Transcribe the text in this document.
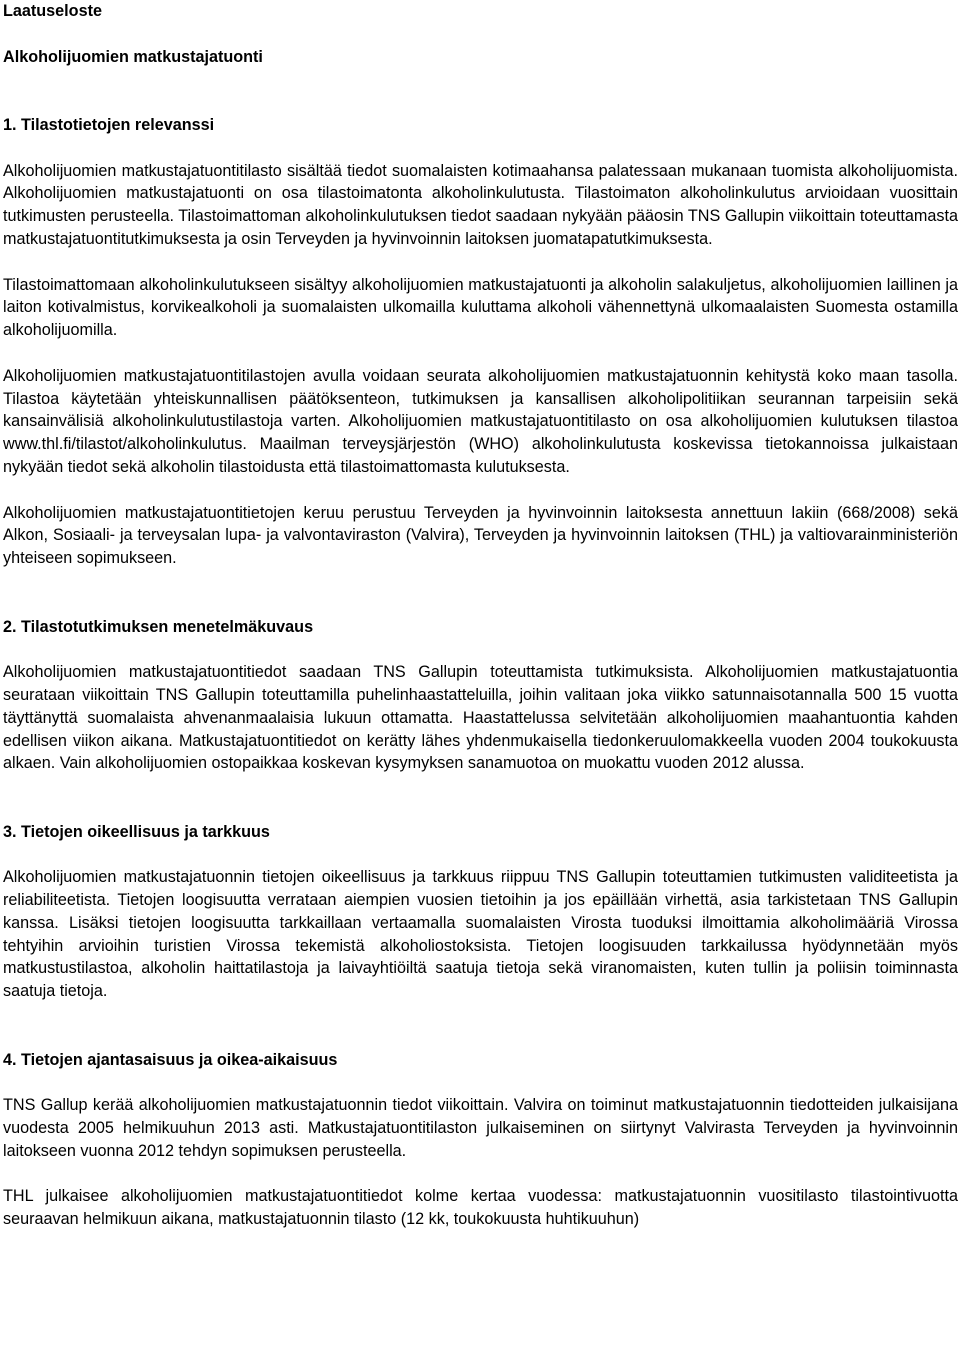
Laatuseloste
Alkoholijuomien matkustajatuonti
1. Tilastotietojen relevanssi

Alkoholijuomien matkustajatuontitilasto sisältää tiedot suomalaisten kotimaahansa palatessaan mukanaan tuomista alkoholijuomista. Alkoholijuomien matkustajatuonti on osa tilastoimatonta alkoholinkulutusta. Tilastoimaton alkoholinkulutus arvioidaan vuosittain tutkimusten perusteella. Tilastoimattoman alkoholinkulutuksen tiedot saadaan nykyään pääosin TNS Gallupin viikoittain toteuttamasta matkustajatuontitutkimuksesta ja osin Terveyden ja hyvinvoinnin laitoksen juomatapatutkimuksesta.

Tilastoimattomaan alkoholinkulutukseen sisältyy alkoholijuomien matkustajatuonti ja alkoholin salakuljetus, alkoholijuomien laillinen ja laiton kotivalmistus, korvikealkoholi ja suomalaisten ulkomailla kuluttama alkoholi vähennettynä ulkomaalaisten Suomesta ostamilla alkoholijuomilla.

Alkoholijuomien matkustajatuontitilastojen avulla voidaan seurata alkoholijuomien matkustajatuonnin kehitystä koko maan tasolla. Tilastoa käytetään yhteiskunnallisen päätöksenteon, tutkimuksen ja kansallisen alkoholipolitiikan seurannan tarpeisiin sekä kansainvälisiä alkoholinkulutustilastoja varten. Alkoholijuomien matkustajatuontitilasto on osa alkoholijuomien kulutuksen tilastoa www.thl.fi/tilastot/alkoholinkulutus. Maailman terveysjärjestön (WHO) alkoholinkulutusta koskevissa tietokannoissa julkaistaan nykyään tiedot sekä alkoholin tilastoidusta että tilastoimattomasta kulutuksesta.

Alkoholijuomien matkustajatuontitietojen keruu perustuu Terveyden ja hyvinvoinnin laitoksesta annettuun lakiin (668/2008) sekä Alkon, Sosiaali- ja terveysalan lupa- ja valvontaviraston (Valvira), Terveyden ja hyvinvoinnin laitoksen (THL) ja valtiovarainministeriön yhteiseen sopimukseen.

2. Tilastotutkimuksen menetelmäkuvaus

Alkoholijuomien matkustajatuontitiedot saadaan TNS Gallupin toteuttamista tutkimuksista. Alkoholijuomien matkustajatuontia seurataan viikoittain TNS Gallupin toteuttamilla puhelinhaastatteluilla, joihin valitaan joka viikko satunnaisotannalla 500 15 vuotta täyttänyttä suomalaista ahvenanmaalaisia lukuun ottamatta. Haastattelussa selvitetään alkoholijuomien maahantuontia kahden edellisen viikon aikana. Matkustajatuontitiedot on kerätty lähes yhdenmukaisella tiedonkeruulomakkeella vuoden 2004 toukokuusta alkaen. Vain alkoholijuomien ostopaikkaa koskevan kysymyksen sanamuotoa on muokattu vuoden 2012 alussa.

3. Tietojen oikeellisuus ja tarkkuus

Alkoholijuomien matkustajatuonnin tietojen oikeellisuus ja tarkkuus riippuu TNS Gallupin toteuttamien tutkimusten validiteetista ja reliabiliteetista. Tietojen loogisuutta verrataan aiempien vuosien tietoihin ja jos epäillään virhettä, asia tarkistetaan TNS Gallupin kanssa. Lisäksi tietojen loogisuutta tarkkaillaan vertaamalla suomalaisten Virosta tuoduksi ilmoittamia alkoholimääriä Virossa tehtyihin arvioihin turistien Virossa tekemistä alkoholiostoksista. Tietojen loogisuuden tarkkailussa hyödynnetään myös matkustustilastoa, alkoholin haittatilastoja ja laivayhtiöiltä saatuja tietoja sekä viranomaisten, kuten tullin ja poliisin toiminnasta saatuja tietoja.

4. Tietojen ajantasaisuus ja oikea-aikaisuus

TNS Gallup kerää alkoholijuomien matkustajatuonnin tiedot viikoittain. Valvira on toiminut matkustajatuonnin tiedotteiden julkaisijana vuodesta 2005 helmikuuhun 2013 asti. Matkustajatuontitilaston julkaiseminen on siirtynyt Valvirasta Terveyden ja hyvinvoinnin laitokseen vuonna 2012 tehdyn sopimuksen perusteella.

THL julkaisee alkoholijuomien matkustajatuontitiedot kolme kertaa vuodessa: matkustajatuonnin vuositilasto tilastointivuotta seuraavan helmikuun aikana, matkustajatuonnin tilasto (12 kk, toukokuusta huhtikuuhun)
